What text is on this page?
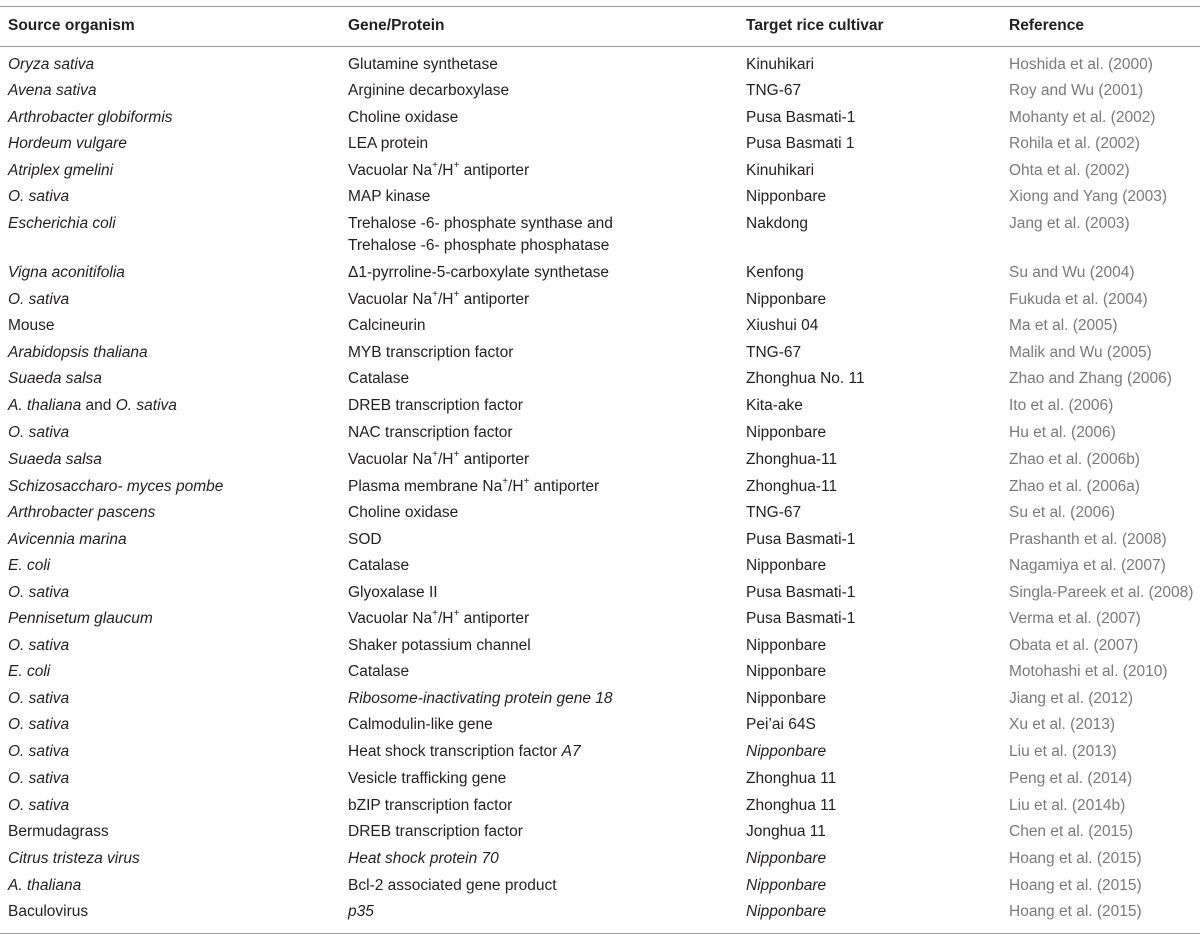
Source organism	Gene/Protein	Target rice cultivar	Reference
Oryza sativa	Glutamine synthetase	Kinuhikari	Hoshida et al. (2000)
Avena sativa	Arginine decarboxylase	TNG-67	Roy and Wu (2001)
Arthrobacter globiformis	Choline oxidase	Pusa Basmati-1	Mohanty et al. (2002)
Hordeum vulgare	LEA protein	Pusa Basmati 1	Rohila et al. (2002)
Atriplex gmelini	Vacuolar Na+/H+ antiporter	Kinuhikari	Ohta et al. (2002)
O. sativa	MAP kinase	Nipponbare	Xiong and Yang (2003)
Escherichia coli	Trehalose -6- phosphate synthase and	Nakdong	Jang et al. (2003)
Trehalose -6- phosphate phosphatase
Vigna aconitifolia	Δ1-pyrroline-5-carboxylate synthetase	Kenfong	Su and Wu (2004)
O. sativa	Vacuolar Na+/H+ antiporter	Nipponbare	Fukuda et al. (2004)
Mouse	Calcineurin	Xiushui 04	Ma et al. (2005)
Arabidopsis thaliana	MYB transcription factor	TNG-67	Malik and Wu (2005)
Suaeda salsa	Catalase	Zhonghua No. 11	Zhao and Zhang (2006)
A. thaliana and O. sativa	DREB transcription factor	Kita-ake	Ito et al. (2006)
O. sativa	NAC transcription factor	Nipponbare	Hu et al. (2006)
Suaeda salsa	Vacuolar Na+/H+ antiporter	Zhonghua-11	Zhao et al. (2006b)
Schizosaccharo- myces pombe	Plasma membrane Na+/H+ antiporter	Zhonghua-11	Zhao et al. (2006a)
Arthrobacter pascens	Choline oxidase	TNG-67	Su et al. (2006)
Avicennia marina	SOD	Pusa Basmati-1	Prashanth et al. (2008)
E. coli	Catalase	Nipponbare	Nagamiya et al. (2007)
O. sativa	Glyoxalase II	Pusa Basmati-1	Singla-Pareek et al. (2008)
Pennisetum glaucum	Vacuolar Na+/H+ antiporter	Pusa Basmati-1	Verma et al. (2007)
O. sativa	Shaker potassium channel	Nipponbare	Obata et al. (2007)
E. coli	Catalase	Nipponbare	Motohashi et al. (2010)
O. sativa	Ribosome-inactivating protein gene 18	Nipponbare	Jiang et al. (2012)
O. sativa	Calmodulin-like gene	Pei’ai 64S	Xu et al. (2013)
O. sativa	Heat shock transcription factor A7	Nipponbare	Liu et al. (2013)
O. sativa	Vesicle trafficking gene	Zhonghua 11	Peng et al. (2014)
O. sativa	bZIP transcription factor	Zhonghua 11	Liu et al. (2014b)
Bermudagrass	DREB transcription factor	Jonghua 11	Chen et al. (2015)
Citrus tristeza virus	Heat shock protein 70	Nipponbare	Hoang et al. (2015)
A. thaliana	Bcl-2 associated gene product	Nipponbare	Hoang et al. (2015)
Baculovirus	p35	Nipponbare	Hoang et al. (2015)
